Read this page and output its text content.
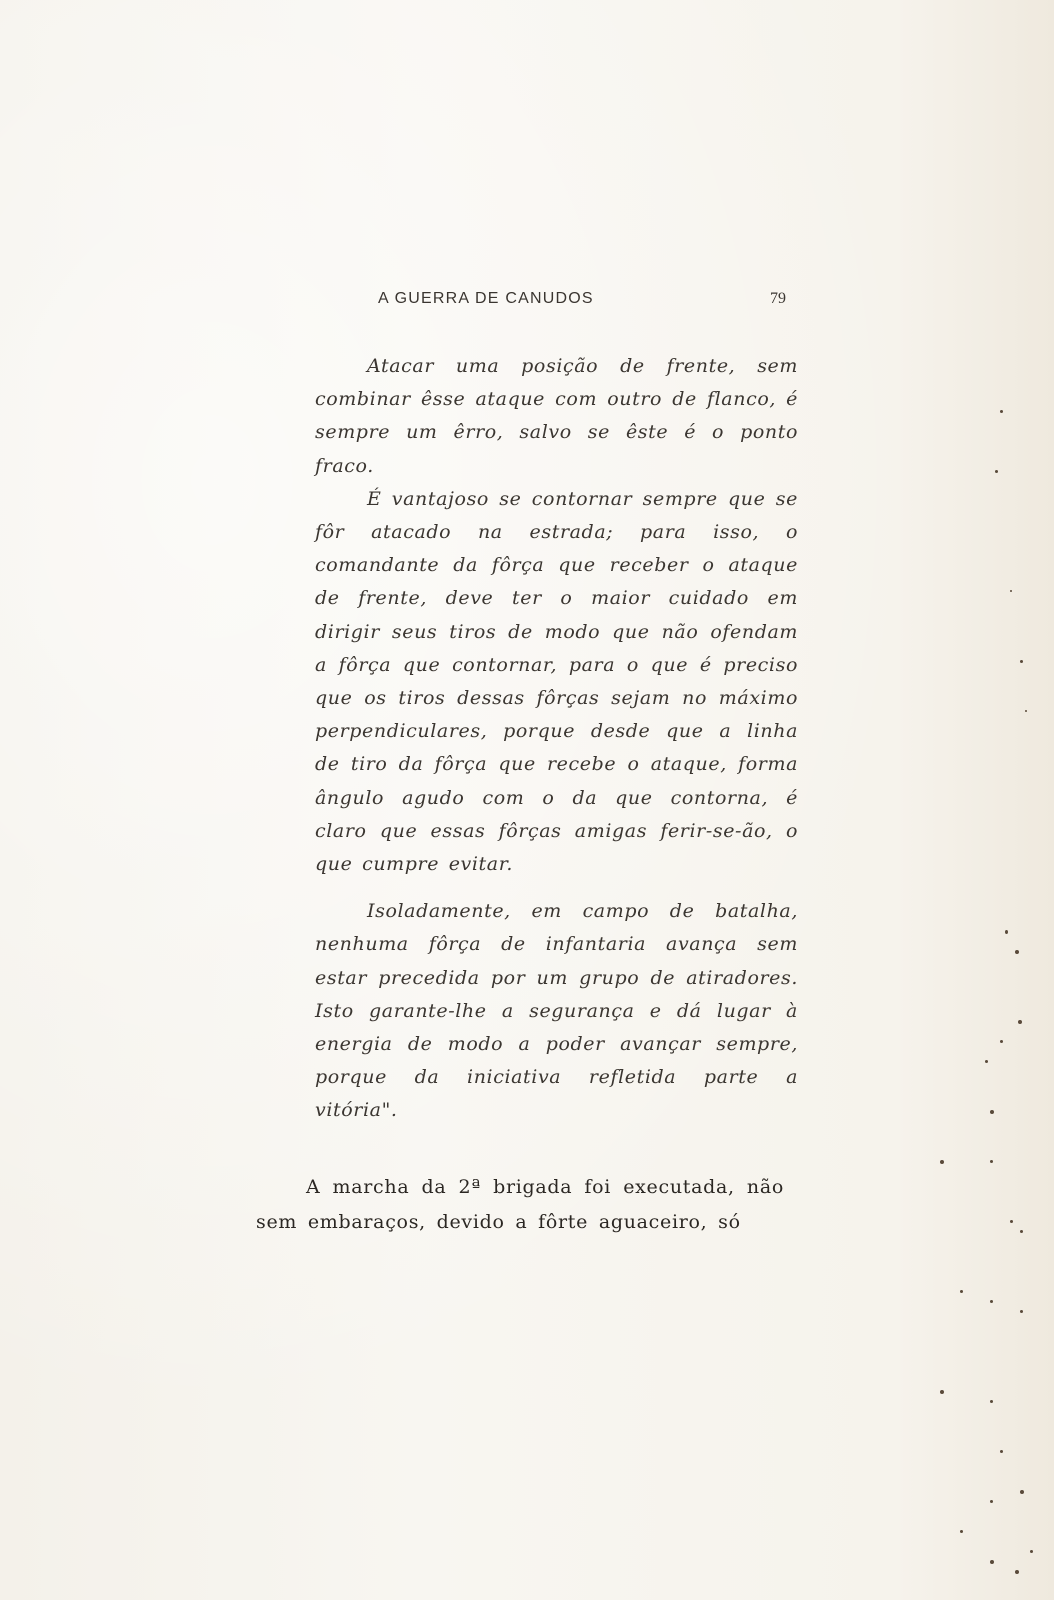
A GUERRA DE CANUDOS	79

Atacar uma posição de frente, sem combinar êsse ataque com outro de flanco, é sempre um êrro, salvo se êste é o ponto fraco.

É vantajoso se contornar sempre que se fôr atacado na estrada; para isso, o comandante da fôrça que receber o ataque de frente, deve ter o maior cuidado em dirigir seus tiros de modo que não ofendam a fôrça que contornar, para o que é preciso que os tiros dessas fôrças sejam no máximo perpendiculares, porque desde que a linha de tiro da fôrça que recebe o ataque, forma ângulo agudo com o da que contorna, é claro que essas fôrças amigas ferir-se-ão, o que cumpre evitar.

Isoladamente, em campo de batalha, nenhuma fôrça de infantaria avança sem estar precedida por um grupo de atiradores. Isto garante-lhe a segurança e dá lugar à energia de modo a poder avançar sempre, porque da iniciativa refletida parte a vitória".

A marcha da 2ª brigada foi executada, não sem embaraços, devido a fôrte aguaceiro, só
